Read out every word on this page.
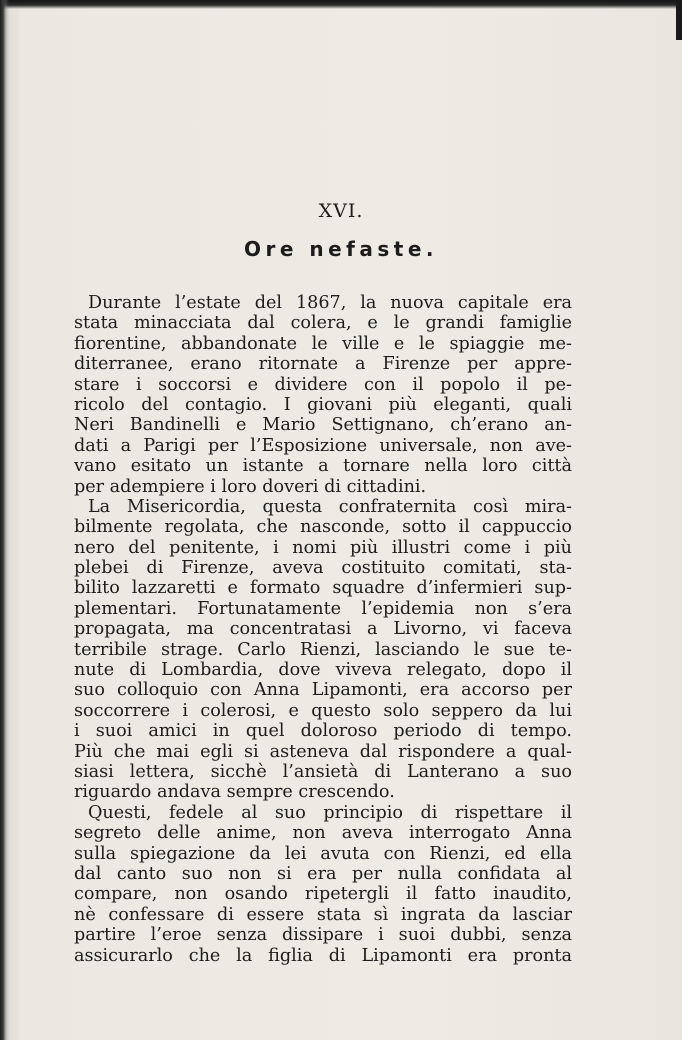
XVI.
Ore nefaste.
Durante l’estate del 1867, la nuova capitale era
stata minacciata dal colera, e le grandi famiglie
fiorentine, abbandonate le ville e le spiaggie me-
diterranee, erano ritornate a Firenze per appre-
stare i soccorsi e dividere con il popolo il pe-
ricolo del contagio. I giovani più eleganti, quali
Neri Bandinelli e Mario Settignano, ch’erano an-
dati a Parigi per l’Esposizione universale, non ave-
vano esitato un istante a tornare nella loro città
per adempiere i loro doveri di cittadini.
La Misericordia, questa confraternita così mira-
bilmente regolata, che nasconde, sotto il cappuccio
nero del penitente, i nomi più illustri come i più
plebei di Firenze, aveva costituito comitati, sta-
bilito lazzaretti e formato squadre d’infermieri sup-
plementari. Fortunatamente l’epidemia non s’era
propagata, ma concentratasi a Livorno, vi faceva
terribile strage. Carlo Rienzi, lasciando le sue te-
nute di Lombardia, dove viveva relegato, dopo il
suo colloquio con Anna Lipamonti, era accorso per
soccorrere i colerosi, e questo solo seppero da lui
i suoi amici in quel doloroso periodo di tempo.
Più che mai egli si asteneva dal rispondere a qual-
siasi lettera, sicchè l’ansietà di Lanterano a suo
riguardo andava sempre crescendo.
Questi, fedele al suo principio di rispettare il
segreto delle anime, non aveva interrogato Anna
sulla spiegazione da lei avuta con Rienzi, ed ella
dal canto suo non si era per nulla confidata al
compare, non osando ripetergli il fatto inaudito,
nè confessare di essere stata sì ingrata da lasciar
partire l’eroe senza dissipare i suoi dubbi, senza
assicurarlo che la figlia di Lipamonti era pronta
